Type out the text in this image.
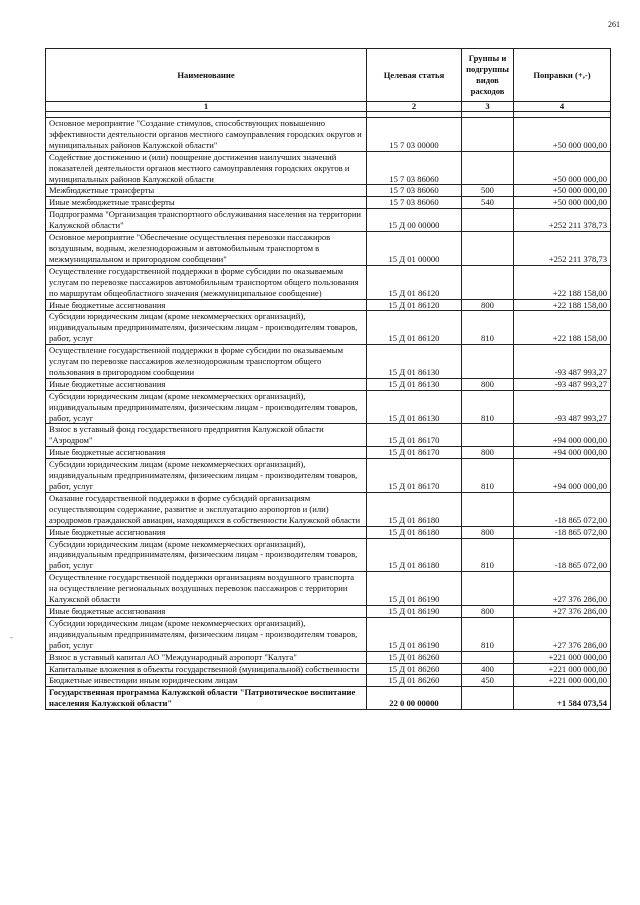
261
Наименование	Целевая статья	Группы и подгруппы видов расходов	Поправки (+,-)
1	2	3	4

Основное мероприятие "Создание стимулов, способствующих повышению эффективности деятельности органов местного самоуправления городских округов и муниципальных районов Калужской области"	15 7 03 00000		+50 000 000,00
Содействие достижению и (или) поощрение достижения наилучших значений показателей деятельности органов местного самоуправления городских округов и муниципальных районов Калужской области	15 7 03 86060		+50 000 000,00
Межбюджетные трансферты	15 7 03 86060	500	+50 000 000,00
Иные межбюджетные трансферты	15 7 03 86060	540	+50 000 000,00
Подпрограмма "Организация транспортного обслуживания населения на территории Калужской области"	15 Д 00 00000		+252 211 378,73
Основное мероприятие "Обеспечение осуществления перевозки пассажиров воздушным, водным, железнодорожным и автомобильным транспортом в межмуниципальном и пригородном сообщении"	15 Д 01 00000		+252 211 378,73
Осуществление государственной поддержки в форме субсидии по оказываемым услугам по перевозке пассажиров автомобильным транспортом общего пользования по маршрутам общеобластного значения (межмуниципальное сообщение)	15 Д 01 86120		+22 188 158,00
Иные бюджетные ассигнования	15 Д 01 86120	800	+22 188 158,00
Субсидии юридическим лицам (кроме некоммерческих организаций), индивидуальным предпринимателям, физическим лицам - производителям товаров, работ, услуг	15 Д 01 86120	810	+22 188 158,00
Осуществление государственной поддержки в форме субсидии по оказываемым услугам по перевозке пассажиров железнодорожным транспортом общего пользования в пригородном сообщении	15 Д 01 86130		-93 487 993,27
Иные бюджетные ассигнования	15 Д 01 86130	800	-93 487 993,27
Субсидии юридическим лицам (кроме некоммерческих организаций), индивидуальным предпринимателям, физическим лицам - производителям товаров, работ, услуг	15 Д 01 86130	810	-93 487 993,27
Взнос в уставный фонд государственного предприятия Калужской области "Аэродром"	15 Д 01 86170		+94 000 000,00
Иные бюджетные ассигнования	15 Д 01 86170	800	+94 000 000,00
Субсидии юридическим лицам (кроме некоммерческих организаций), индивидуальным предпринимателям, физическим лицам - производителям товаров, работ, услуг	15 Д 01 86170	810	+94 000 000,00
Оказание государственной поддержки в форме субсидий организациям осуществляющим содержание, развитие и эксплуатацию аэропортов и (или) аэродромов гражданской авиации, находящихся в собственности Калужской области	15 Д 01 86180		-18 865 072,00
Иные бюджетные ассигнования	15 Д 01 86180	800	-18 865 072,00
Субсидии юридическим лицам (кроме некоммерческих организаций), индивидуальным предпринимателям, физическим лицам - производителям товаров, работ, услуг	15 Д 01 86180	810	-18 865 072,00
Осуществление государственной поддержки организациям воздушного транспорта на осуществление региональных воздушных перевозок пассажиров с территории Калужской области	15 Д 01 86190		+27 376 286,00
Иные бюджетные ассигнования	15 Д 01 86190	800	+27 376 286,00
Субсидии юридическим лицам (кроме некоммерческих организаций), индивидуальным предпринимателям, физическим лицам - производителям товаров, работ, услуг	15 Д 01 86190	810	+27 376 286,00
Взнос в уставный капитал АО "Международный аэропорт "Калуга"	15 Д 01 86260		+221 000 000,00
Капитальные вложения в объекты государственной (муниципальной) собственности	15 Д 01 86260	400	+221 000 000,00
Бюджетные инвестиции иным юридическим лицам	15 Д 01 86260	450	+221 000 000,00
Государственная программа Калужской области "Патриотическое воспитание населения Калужской области"	22 0 00 00000		+1 584 073,54
-
